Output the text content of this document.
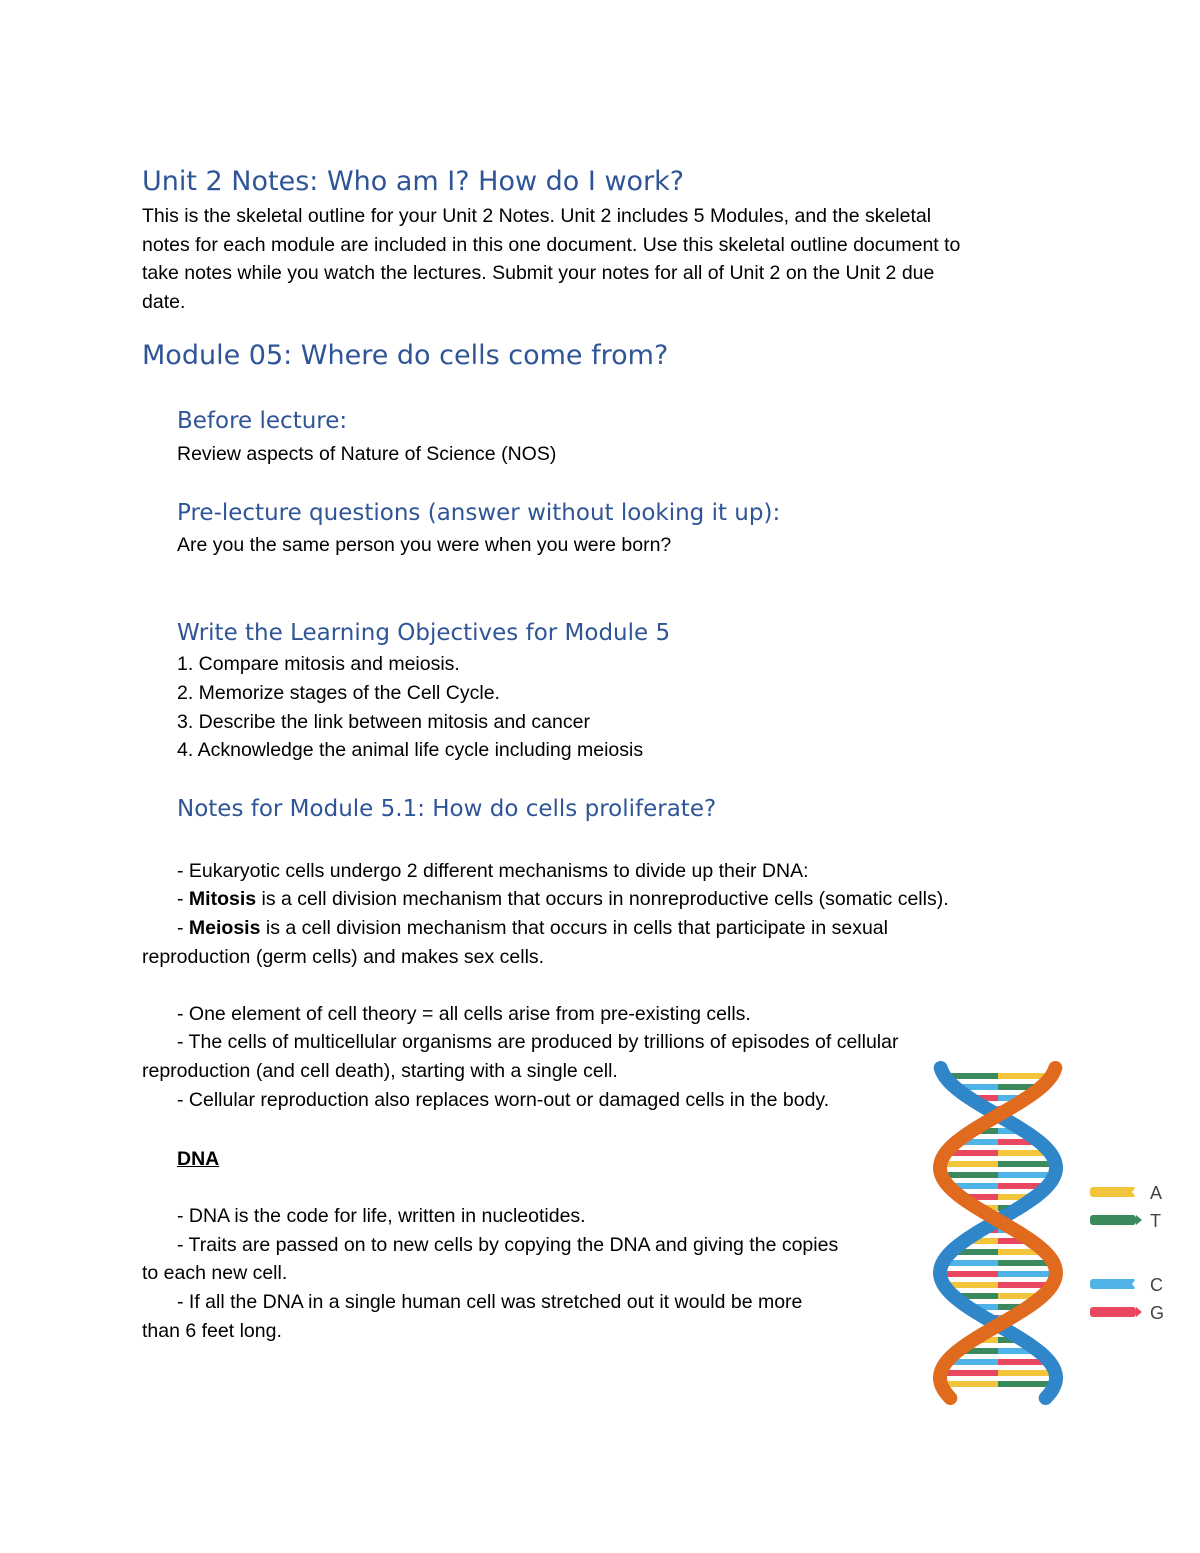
Unit 2 Notes: Who am I? How do I work?
This is the skeletal outline for your Unit 2 Notes. Unit 2 includes 5 Modules, and the skeletal
notes for each module are included in this one document. Use this skeletal outline document to
take notes while you watch the lectures. Submit your notes for all of Unit 2 on the Unit 2 due
date.
Module 05: Where do cells come from?
Before lecture:
Review aspects of Nature of Science (NOS)
Pre-lecture questions (answer without looking it up):
Are you the same person you were when you were born?
Write the Learning Objectives for Module 5
1. Compare mitosis and meiosis.
2. Memorize stages of the Cell Cycle.
3. Describe the link between mitosis and cancer
4. Acknowledge the animal life cycle including meiosis
Notes for Module 5.1: How do cells proliferate?
- Eukaryotic cells undergo 2 different mechanisms to divide up their DNA:
- Mitosis is a cell division mechanism that occurs in nonreproductive cells (somatic cells).
- Meiosis is a cell division mechanism that occurs in cells that participate in sexual
reproduction (germ cells) and makes sex cells.
- One element of cell theory = all cells arise from pre-existing cells.
- The cells of multicellular organisms are produced by trillions of episodes of cellular
reproduction (and cell death), starting with a single cell.
- Cellular reproduction also replaces worn-out or damaged cells in the body.
DNA
- DNA is the code for life, written in nucleotides.
- Traits are passed on to new cells by copying the DNA and giving the copies
to each new cell.
- If all the DNA in a single human cell was stretched out it would be more
than 6 feet long.
A
T
C
G
